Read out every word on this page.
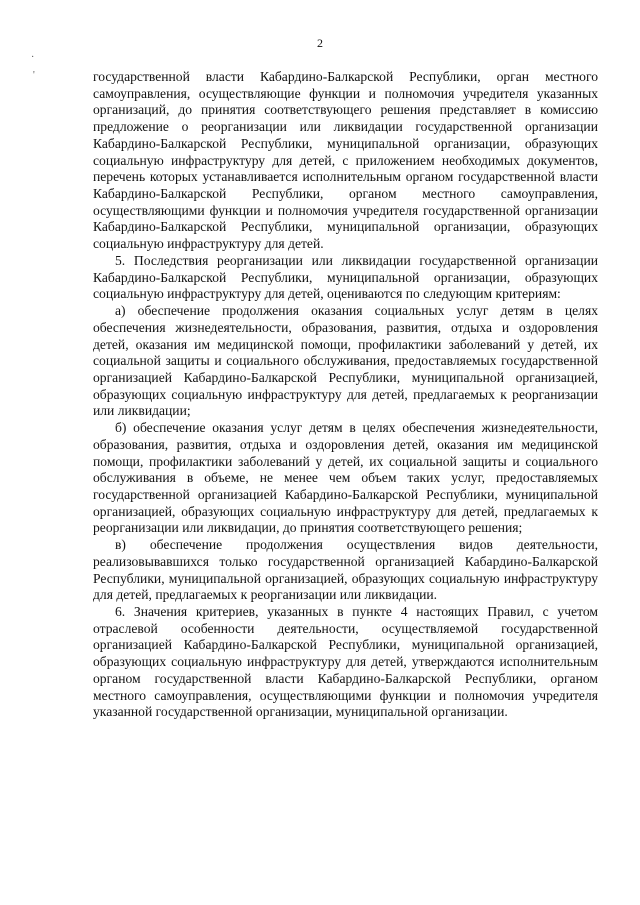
2

государственной власти Кабардино-Балкарской Республики, орган местного самоуправления, осуществляющие функции и полномочия учредителя указанных организаций, до принятия соответствующего решения представляет в комиссию предложение о реорганизации или ликвидации государственной организации Кабардино-Балкарской Республики, муниципальной организации, образующих социальную инфраструктуру для детей, с приложением необходимых документов, перечень которых устанавливается исполнительным органом государственной власти Кабардино-Балкарской Республики, органом местного самоуправления, осуществляющими функции и полномочия учредителя государственной организации Кабардино-Балкарской Республики, муниципальной организации, образующих социальную инфраструктуру для детей.

5. Последствия реорганизации или ликвидации государственной организации Кабардино-Балкарской Республики, муниципальной организации, образующих социальную инфраструктуру для детей, оцениваются по следующим критериям:

а) обеспечение продолжения оказания социальных услуг детям в целях обеспечения жизнедеятельности, образования, развития, отдыха и оздоровления детей, оказания им медицинской помощи, профилактики заболеваний у детей, их социальной защиты и социального обслуживания, предоставляемых государственной организацией Кабардино-Балкарской Республики, муниципальной организацией, образующих социальную инфраструктуру для детей, предлагаемых к реорганизации или ликвидации;

б) обеспечение оказания услуг детям в целях обеспечения жизнедеятельности, образования, развития, отдыха и оздоровления детей, оказания им медицинской помощи, профилактики заболеваний у детей, их социальной защиты и социального обслуживания в объеме, не менее чем объем таких услуг, предоставляемых государственной организацией Кабардино-Балкарской Республики, муниципальной организацией, образующих социальную инфраструктуру для детей, предлагаемых к реорганизации или ликвидации, до принятия соответствующего решения;

в) обеспечение продолжения осуществления видов деятельности, реализовывавшихся только государственной организацией Кабардино-Балкарской Республики, муниципальной организацией, образующих социальную инфраструктуру для детей, предлагаемых к реорганизации или ликвидации.

6. Значения критериев, указанных в пункте 4 настоящих Правил, с учетом отраслевой особенности деятельности, осуществляемой государственной организацией Кабардино-Балкарской Республики, муниципальной организацией, образующих социальную инфраструктуру для детей, утверждаются исполнительным органом государственной власти Кабардино-Балкарской Республики, органом местного самоуправления, осуществляющими функции и полномочия учредителя указанной государственной организации, муниципальной организации.

·
'
